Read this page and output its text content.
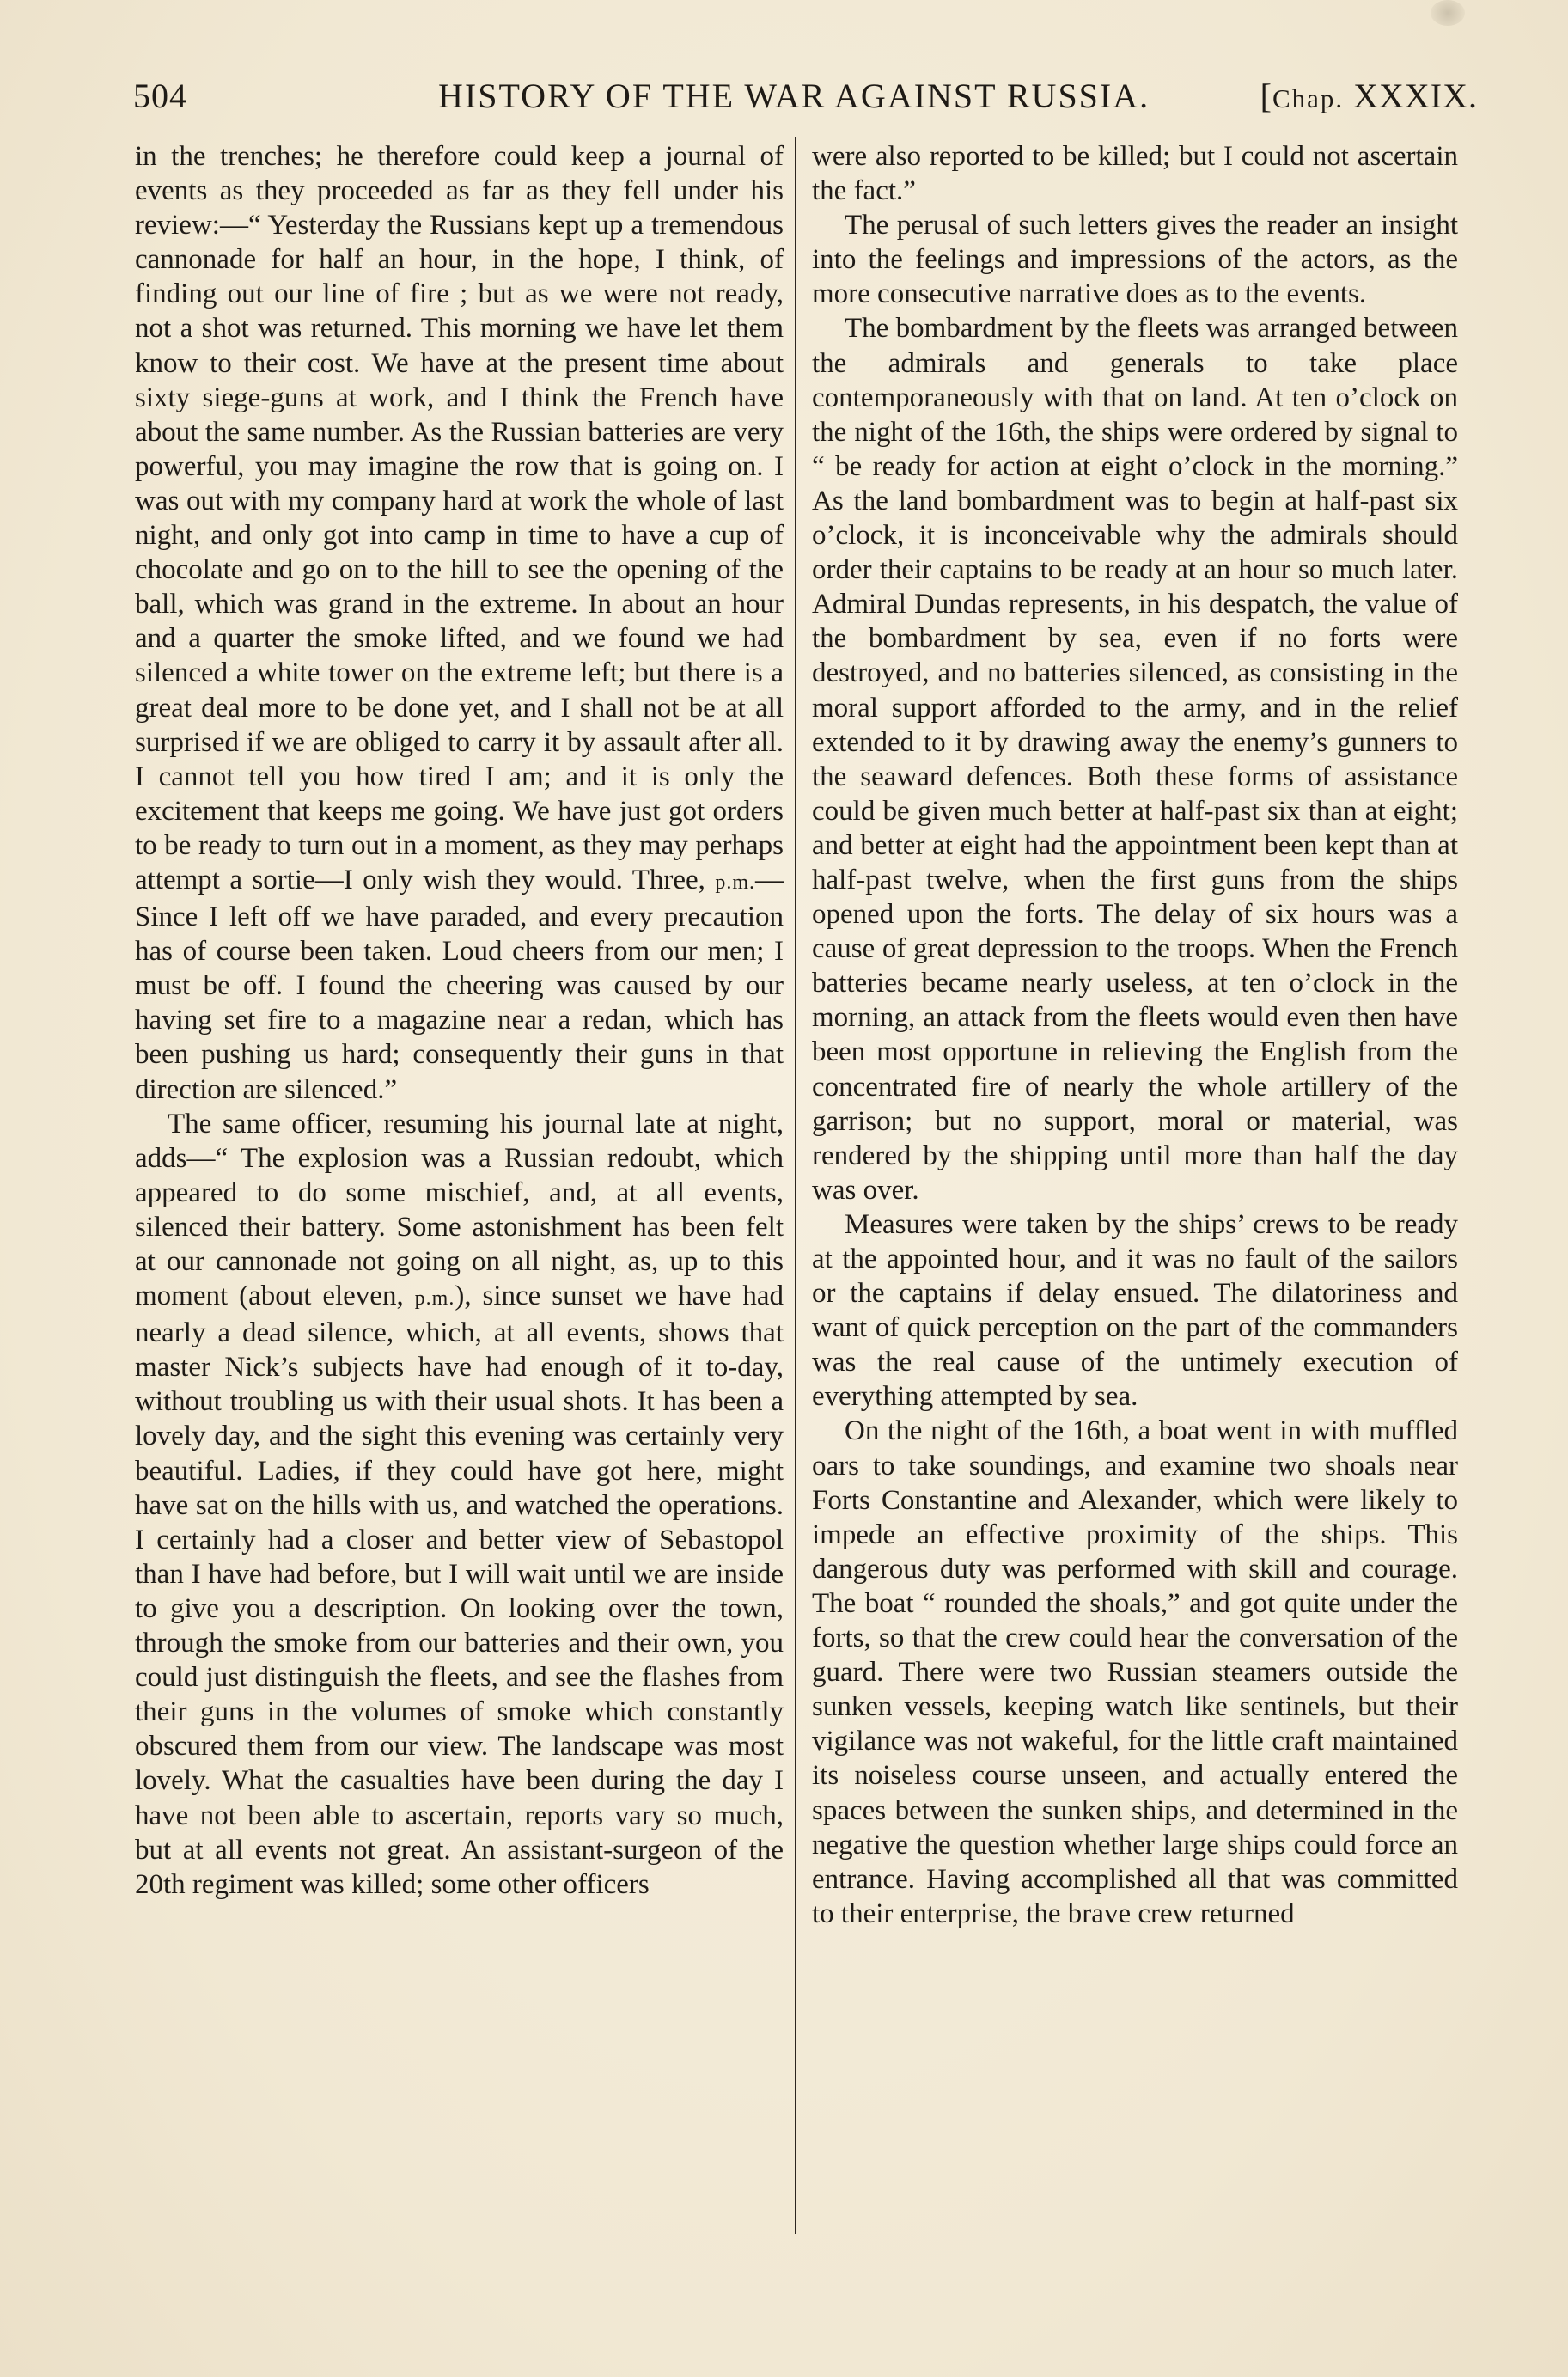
504	HISTORY OF THE WAR AGAINST RUSSIA.	[Chap. XXXIX.

in the trenches; he therefore could keep a journal of events as they proceeded as far as they fell under his review:—“ Yesterday the Russians kept up a tremendous cannonade for half an hour, in the hope, I think, of finding out our line of fire ; but as we were not ready, not a shot was returned. This morning we have let them know to their cost. We have at the present time about sixty siege-guns at work, and I think the French have about the same number. As the Russian batteries are very powerful, you may imagine the row that is going on. I was out with my company hard at work the whole of last night, and only got into camp in time to have a cup of chocolate and go on to the hill to see the opening of the ball, which was grand in the extreme. In about an hour and a quarter the smoke lifted, and we found we had silenced a white tower on the extreme left; but there is a great deal more to be done yet, and I shall not be at all surprised if we are obliged to carry it by assault after all. I cannot tell you how tired I am; and it is only the excitement that keeps me going. We have just got orders to be ready to turn out in a moment, as they may perhaps attempt a sortie—I only wish they would. Three, p.m.—Since I left off we have paraded, and every precaution has of course been taken. Loud cheers from our men; I must be off. I found the cheering was caused by our having set fire to a magazine near a redan, which has been pushing us hard; consequently their guns in that direction are silenced.”

The same officer, resuming his journal late at night, adds—“ The explosion was a Russian redoubt, which appeared to do some mischief, and, at all events, silenced their battery. Some astonishment has been felt at our cannonade not going on all night, as, up to this moment (about eleven, p.m.), since sunset we have had nearly a dead silence, which, at all events, shows that master Nick’s subjects have had enough of it to-day, without troubling us with their usual shots. It has been a lovely day, and the sight this evening was certainly very beautiful. Ladies, if they could have got here, might have sat on the hills with us, and watched the operations. I certainly had a closer and better view of Sebastopol than I have had before, but I will wait until we are inside to give you a description. On looking over the town, through the smoke from our batteries and their own, you could just distinguish the fleets, and see the flashes from their guns in the volumes of smoke which constantly obscured them from our view. The landscape was most lovely. What the casualties have been during the day I have not been able to ascertain, reports vary so much, but at all events not great. An assistant-surgeon of the 20th regiment was killed; some other officers

were also reported to be killed; but I could not ascertain the fact.”

The perusal of such letters gives the reader an insight into the feelings and impressions of the actors, as the more consecutive narrative does as to the events.

The bombardment by the fleets was arranged between the admirals and generals to take place contemporaneously with that on land. At ten o’clock on the night of the 16th, the ships were ordered by signal to “ be ready for action at eight o’clock in the morning.” As the land bombardment was to begin at half-past six o’clock, it is inconceivable why the admirals should order their captains to be ready at an hour so much later. Admiral Dundas represents, in his despatch, the value of the bombardment by sea, even if no forts were destroyed, and no batteries silenced, as consisting in the moral support afforded to the army, and in the relief extended to it by drawing away the enemy’s gunners to the seaward defences. Both these forms of assistance could be given much better at half-past six than at eight; and better at eight had the appointment been kept than at half-past twelve, when the first guns from the ships opened upon the forts. The delay of six hours was a cause of great depression to the troops. When the French batteries became nearly useless, at ten o’clock in the morning, an attack from the fleets would even then have been most opportune in relieving the English from the concentrated fire of nearly the whole artillery of the garrison; but no support, moral or material, was rendered by the shipping until more than half the day was over.

Measures were taken by the ships’ crews to be ready at the appointed hour, and it was no fault of the sailors or the captains if delay ensued. The dilatoriness and want of quick perception on the part of the commanders was the real cause of the untimely execution of everything attempted by sea.

On the night of the 16th, a boat went in with muffled oars to take soundings, and examine two shoals near Forts Constantine and Alexander, which were likely to impede an effective proximity of the ships. This dangerous duty was performed with skill and courage. The boat “ rounded the shoals,” and got quite under the forts, so that the crew could hear the conversation of the guard. There were two Russian steamers outside the sunken vessels, keeping watch like sentinels, but their vigilance was not wakeful, for the little craft maintained its noiseless course unseen, and actually entered the spaces between the sunken ships, and determined in the negative the question whether large ships could force an entrance. Having accomplished all that was committed to their enterprise, the brave crew returned
